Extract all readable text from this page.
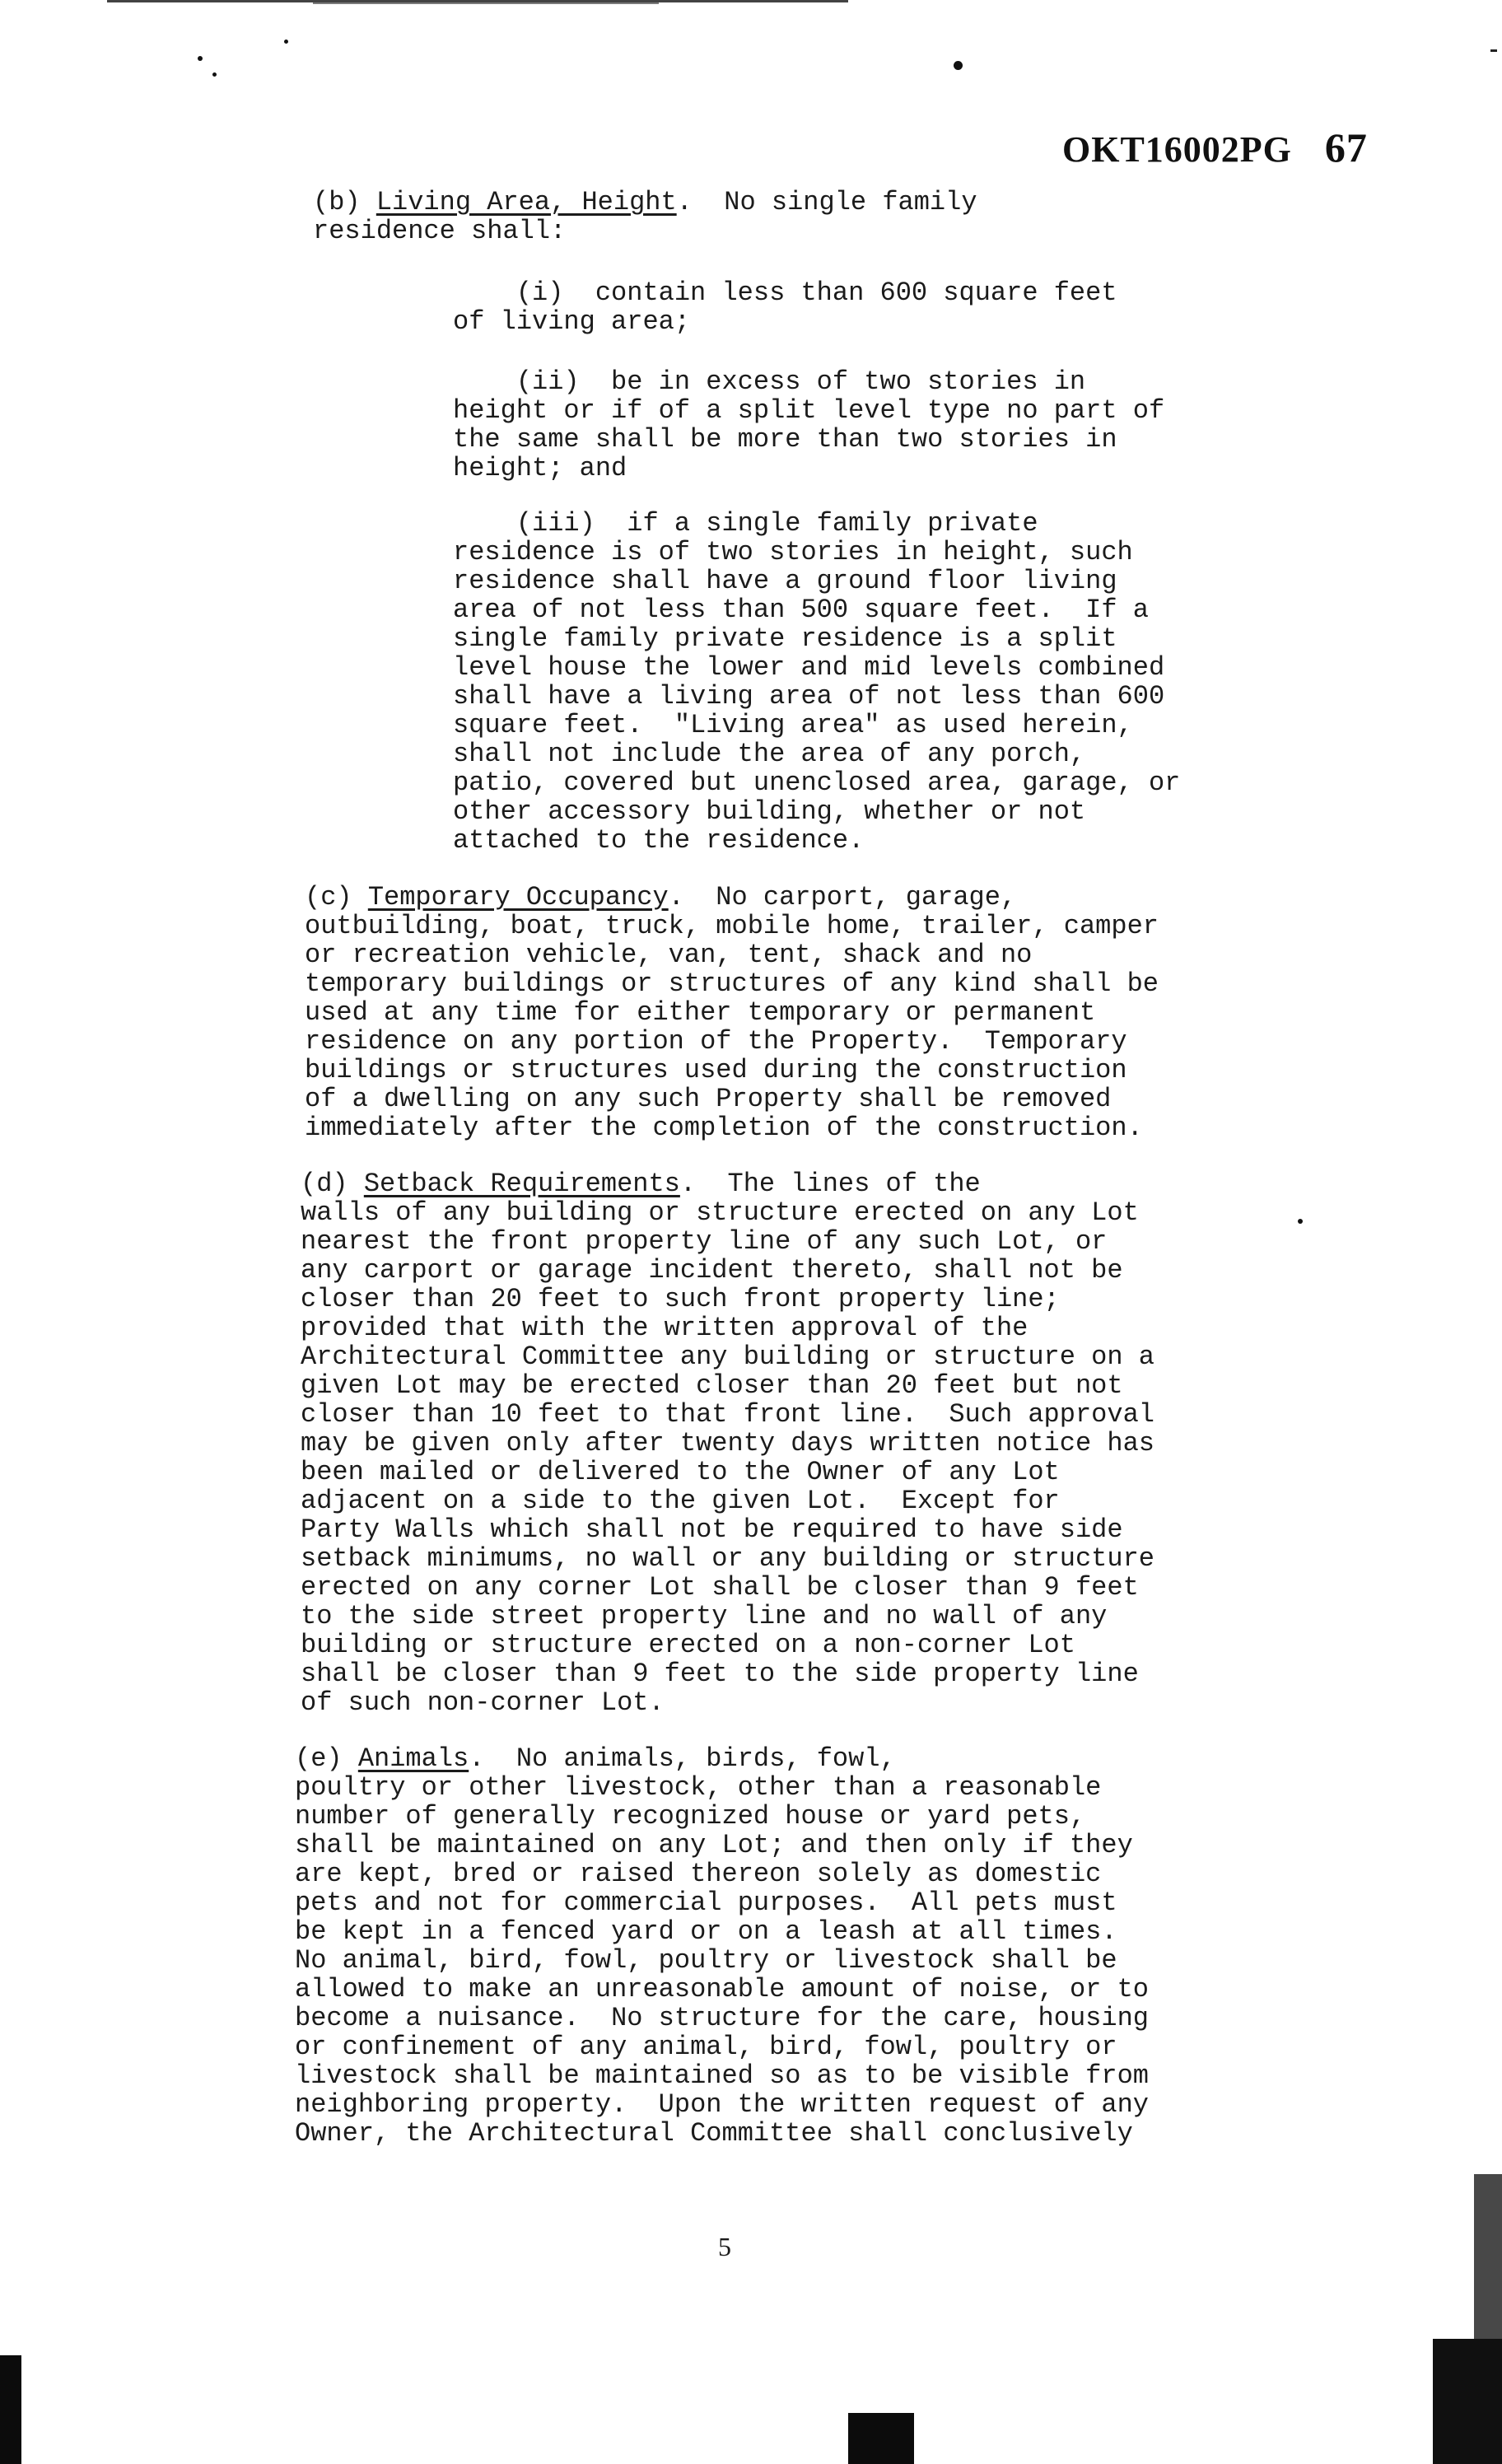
OKT16002PG 67

(b) Living Area, Height.  No single family
residence shall:

(i)  contain less than 600 square feet
of living area;

(ii)  be in excess of two stories in
height or if of a split level type no part of
the same shall be more than two stories in
height; and

(iii)  if a single family private
residence is of two stories in height, such
residence shall have a ground floor living
area of not less than 500 square feet.  If a
single family private residence is a split
level house the lower and mid levels combined
shall have a living area of not less than 600
square feet.  "Living area" as used herein,
shall not include the area of any porch,
patio, covered but unenclosed area, garage, or
other accessory building, whether or not
attached to the residence.

(c) Temporary Occupancy.  No carport, garage,
outbuilding, boat, truck, mobile home, trailer, camper
or recreation vehicle, van, tent, shack and no
temporary buildings or structures of any kind shall be
used at any time for either temporary or permanent
residence on any portion of the Property.  Temporary
buildings or structures used during the construction
of a dwelling on any such Property shall be removed
immediately after the completion of the construction.

(d) Setback Requirements.  The lines of the
walls of any building or structure erected on any Lot
nearest the front property line of any such Lot, or
any carport or garage incident thereto, shall not be
closer than 20 feet to such front property line;
provided that with the written approval of the
Architectural Committee any building or structure on a
given Lot may be erected closer than 20 feet but not
closer than 10 feet to that front line.  Such approval
may be given only after twenty days written notice has
been mailed or delivered to the Owner of any Lot
adjacent on a side to the given Lot.  Except for
Party Walls which shall not be required to have side
setback minimums, no wall or any building or structure
erected on any corner Lot shall be closer than 9 feet
to the side street property line and no wall of any
building or structure erected on a non-corner Lot
shall be closer than 9 feet to the side property line
of such non-corner Lot.

(e) Animals.  No animals, birds, fowl,
poultry or other livestock, other than a reasonable
number of generally recognized house or yard pets,
shall be maintained on any Lot; and then only if they
are kept, bred or raised thereon solely as domestic
pets and not for commercial purposes.  All pets must
be kept in a fenced yard or on a leash at all times.
No animal, bird, fowl, poultry or livestock shall be
allowed to make an unreasonable amount of noise, or to
become a nuisance.  No structure for the care, housing
or confinement of any animal, bird, fowl, poultry or
livestock shall be maintained so as to be visible from
neighboring property.  Upon the written request of any
Owner, the Architectural Committee shall conclusively

5
